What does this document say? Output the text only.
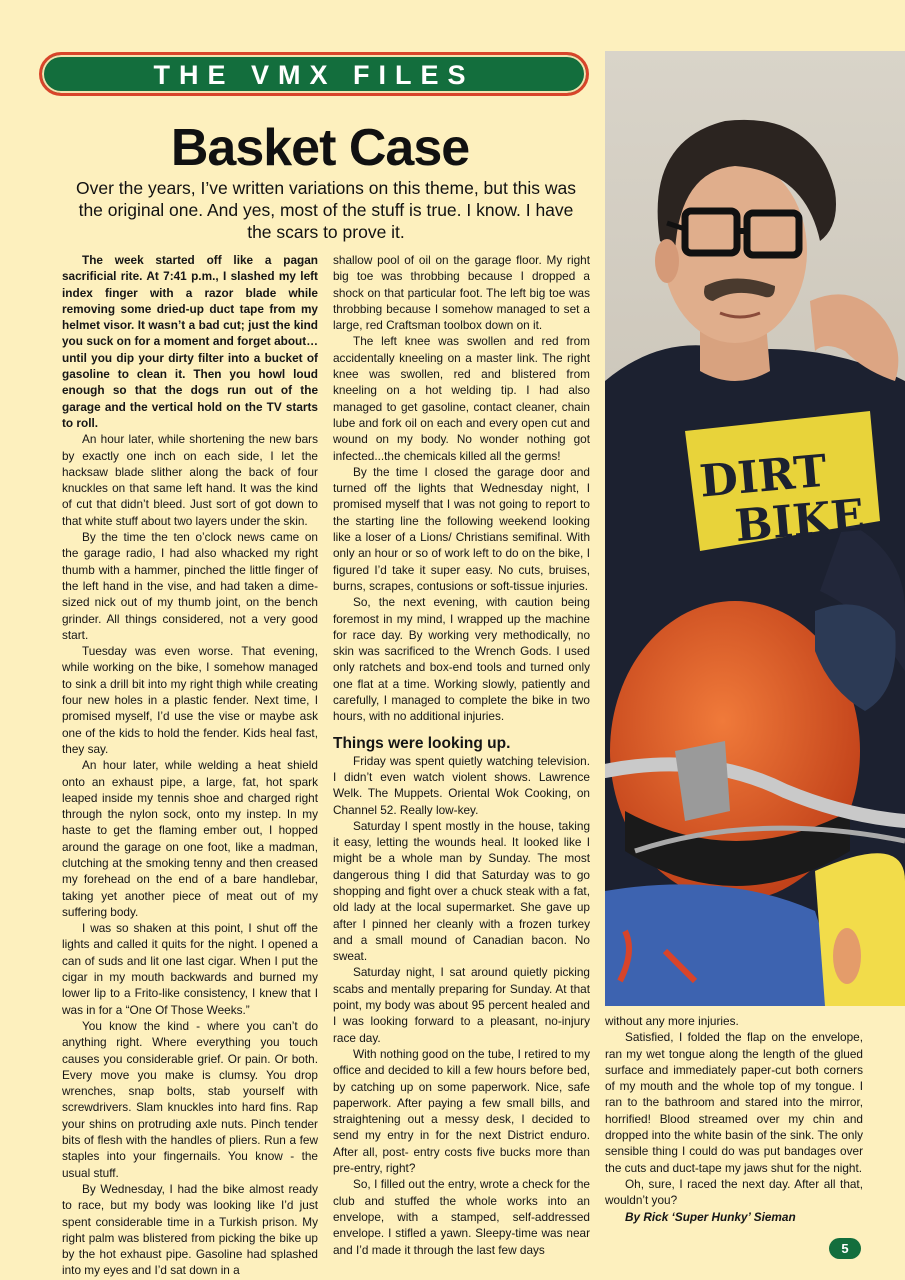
THE VMX FILES
Basket Case

Over the years, I’ve written variations on this theme, but this was the original one. And yes, most of the stuff is true. I know. I have the scars to prove it.

DIRT
BIKE

The week started off like a pagan sacrificial rite. At 7:41 p.m., I slashed my left index finger with a razor blade while removing some dried-up duct tape from my helmet visor. It wasn’t a bad cut; just the kind you suck on for a moment and forget about… until you dip your dirty filter into a bucket of gasoline to clean it. Then you howl loud enough so that the dogs run out of the garage and the vertical hold on the TV starts to roll.

An hour later, while shortening the new bars by exactly one inch on each side, I let the hacksaw blade slither along the back of four knuckles on that same left hand. It was the kind of cut that didn’t bleed. Just sort of got down to that white stuff about two layers under the skin.

By the time the ten o’clock news came on the garage radio, I had also whacked my right thumb with a hammer, pinched the little finger of the left hand in the vise, and had taken a dime-sized nick out of my thumb joint, on the bench grinder. All things considered, not a very good start.

Tuesday was even worse. That evening, while working on the bike, I somehow managed to sink a drill bit into my right thigh while creating four new holes in a plastic fender. Next time, I promised myself, I’d use the vise or maybe ask one of the kids to hold the fender. Kids heal fast, they say.

An hour later, while welding a heat shield onto an exhaust pipe, a large, fat, hot spark leaped inside my tennis shoe and charged right through the nylon sock, onto my instep. In my haste to get the flaming ember out, I hopped around the garage on one foot, like a madman, clutching at the smoking tenny and then creased my forehead on the end of a bare handlebar, taking yet another piece of meat out of my suffering body.

I was so shaken at this point, I shut off the lights and called it quits for the night. I opened a can of suds and lit one last cigar. When I put the cigar in my mouth backwards and burned my lower lip to a Frito-like consistency, I knew that I was in for a “One Of Those Weeks.”

You know the kind - where you can’t do anything right. Where everything you touch causes you considerable grief. Or pain. Or both. Every move you make is clumsy. You drop wrenches, snap bolts, stab yourself with screwdrivers. Slam knuckles into hard fins. Rap your shins on protruding axle nuts. Pinch tender bits of flesh with the handles of pliers. Run a few staples into your fingernails. You know - the usual stuff.

By Wednesday, I had the bike almost ready to race, but my body was looking like I’d just spent considerable time in a Turkish prison. My right palm was blistered from picking the bike up by the hot exhaust pipe. Gasoline had splashed into my eyes and I’d sat down in a

shallow pool of oil on the garage floor. My right big toe was throbbing because I dropped a shock on that particular foot. The left big toe was throbbing because I somehow managed to set a large, red Craftsman toolbox down on it.

The left knee was swollen and red from accidentally kneeling on a master link. The right knee was swollen, red and blistered from kneeling on a hot welding tip. I had also managed to get gasoline, contact cleaner, chain lube and fork oil on each and every open cut and wound on my body. No wonder nothing got infected...the chemicals killed all the germs!

By the time I closed the garage door and turned off the lights that Wednesday night, I promised myself that I was not going to report to the starting line the following weekend looking like a loser of a Lions/ Christians semifinal. With only an hour or so of work left to do on the bike, I figured I’d take it super easy. No cuts, bruises, burns, scrapes, contusions or soft-tissue injuries.

So, the next evening, with caution being foremost in my mind, I wrapped up the machine for race day. By working very methodically, no skin was sacrificed to the Wrench Gods. I used only ratchets and box-end tools and turned only one flat at a time. Working slowly, patiently and carefully, I managed to complete the bike in two hours, with no additional injuries.

Things were looking up.

Friday was spent quietly watching television. I didn’t even watch violent shows. Lawrence Welk. The Muppets. Oriental Wok Cooking, on Channel 52. Really low-key.

Saturday I spent mostly in the house, taking it easy, letting the wounds heal. It looked like I might be a whole man by Sunday. The most dangerous thing I did that Saturday was to go shopping and fight over a chuck steak with a fat, old lady at the local supermarket. She gave up after I pinned her cleanly with a frozen turkey and a small mound of Canadian bacon. No sweat.

Saturday night, I sat around quietly picking scabs and mentally preparing for Sunday. At that point, my body was about 95 percent healed and I was looking forward to a pleasant, no-injury race day.

With nothing good on the tube, I retired to my office and decided to kill a few hours before bed, by catching up on some paperwork. Nice, safe paperwork. After paying a few small bills, and straightening out a messy desk, I decided to send my entry in for the next District enduro. After all, post- entry costs five bucks more than pre-entry, right?

So, I filled out the entry, wrote a check for the club and stuffed the whole works into an envelope, with a stamped, self-addressed envelope. I stifled a yawn. Sleepy-time was near and I’d made it through the last few days

without any more injuries.

Satisfied, I folded the flap on the envelope, ran my wet tongue along the length of the glued surface and immediately paper-cut both corners of my mouth and the whole top of my tongue. I ran to the bathroom and stared into the mirror, horrified! Blood streamed over my chin and dropped into the white basin of the sink. The only sensible thing I could do was put bandages over the cuts and duct-tape my jaws shut for the night.

Oh, sure, I raced the next day. After all that, wouldn’t you?

By Rick ‘Super Hunky’ Sieman

5
